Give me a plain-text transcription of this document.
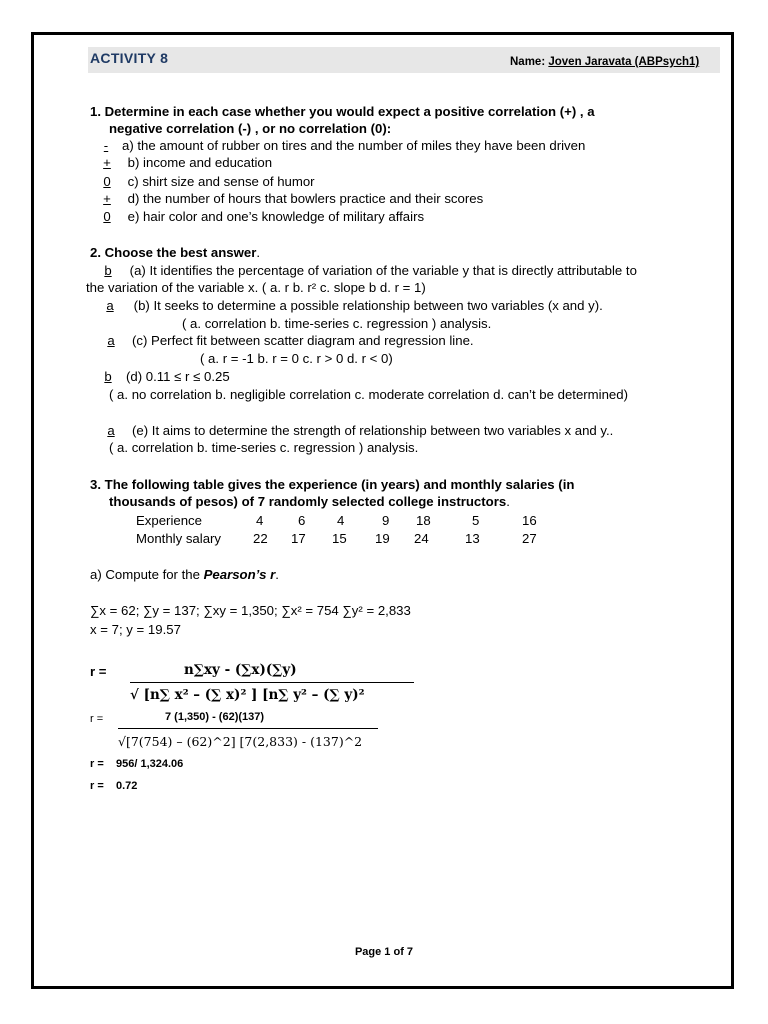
ACTIVITY 8	Name: Joven Jaravata (ABPsych1)
1. Determine in each case whether you would expect a positive correlation (+) , a
negative correlation (-) , or no correlation (0):
- a) the amount of rubber on tires and the number of miles they have been driven
+ b) income and education
0 c) shirt size and sense of humor
+ d) the number of hours that bowlers practice and their scores
0 e) hair color and one’s knowledge of military affairs
2. Choose the best answer.
b (a) It identifies the percentage of variation of the variable y that is directly attributable to
the variation of the variable x. ( a. r b. r² c. slope b d. r = 1)
a (b) It seeks to determine a possible relationship between two variables (x and y).
( a. correlation b. time-series c. regression ) analysis.
a (c) Perfect fit between scatter diagram and regression line.
( a. r = -1 b. r = 0 c. r > 0 d. r < 0)
b (d) 0.11 ≤ r ≤ 0.25
( a. no correlation b. negligible correlation c. moderate correlation d. can’t be determined)
a (e) It aims to determine the strength of relationship between two variables x and y..
( a. correlation b. time-series c. regression ) analysis.
3. The following table gives the experience (in years) and monthly salaries (in
thousands of pesos) of 7 randomly selected college instructors.
Experience	4	6 4	9 18	5	16
Monthly salary 22 17 15 19 24	13	27
a) Compute for the Pearson’s r.
∑x = 62; ∑y = 137; ∑xy = 1,350; ∑x² = 754 ∑y² = 2,833
x = 7; y = 19.57
r =	n∑xy - (∑x)(∑y)
√ [n∑ x² – (∑ x)² ] [n∑ y² – (∑ y)²
r =	7 (1,350) - (62)(137)
√[7(754) – (62)^2] [7(2,833) - (137)^2
r =    956/ 1,324.06
r =    0.72
Page 1 of 7
